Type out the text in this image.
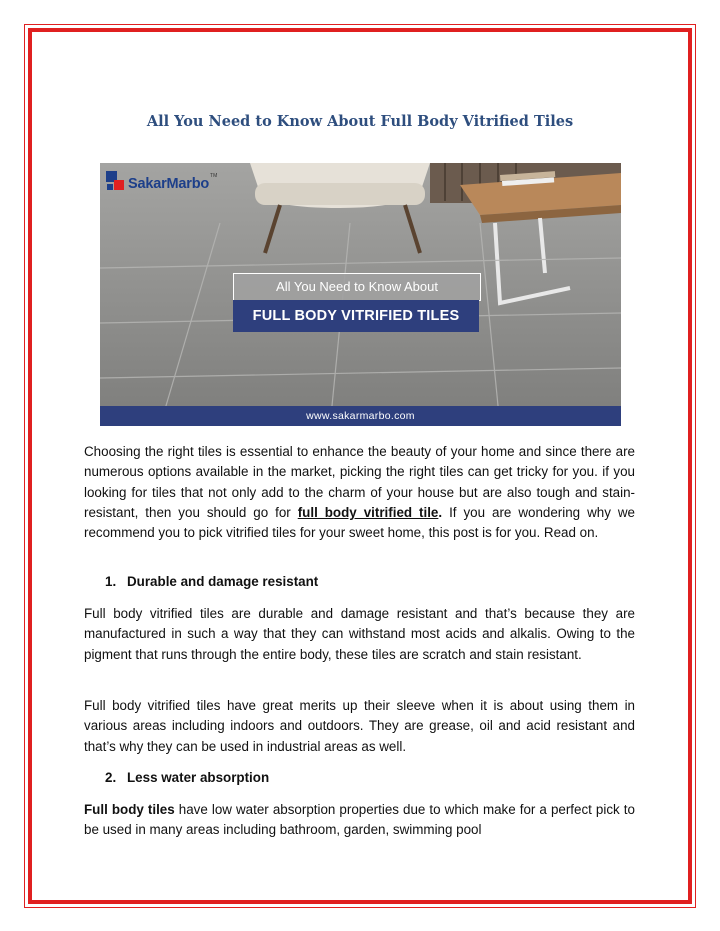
All You Need to Know About Full Body Vitrified Tiles
SakarMarbo TM
All You Need to Know About
FULL BODY VITRIFIED TILES
www.sakarmarbo.com

Choosing the right tiles is essential to enhance the beauty of your home and since there are numerous options available in the market, picking the right tiles can get tricky for you. if you looking for tiles that not only add to the charm of your house but are also tough and stain-resistant, then you should go for full body vitrified tile. If you are wondering why we recommend you to pick vitrified tiles for your sweet home, this post is for you. Read on.

1. Durable and damage resistant

Full body vitrified tiles are durable and damage resistant and that’s because they are manufactured in such a way that they can withstand most acids and alkalis. Owing to the pigment that runs through the entire body, these tiles are scratch and stain resistant.

Full body vitrified tiles have great merits up their sleeve when it is about using them in various areas including indoors and outdoors. They are grease, oil and acid resistant and that’s why they can be used in industrial areas as well.

2. Less water absorption

Full body tiles have low water absorption properties due to which make for a perfect pick to be used in many areas including bathroom, garden, swimming pool
